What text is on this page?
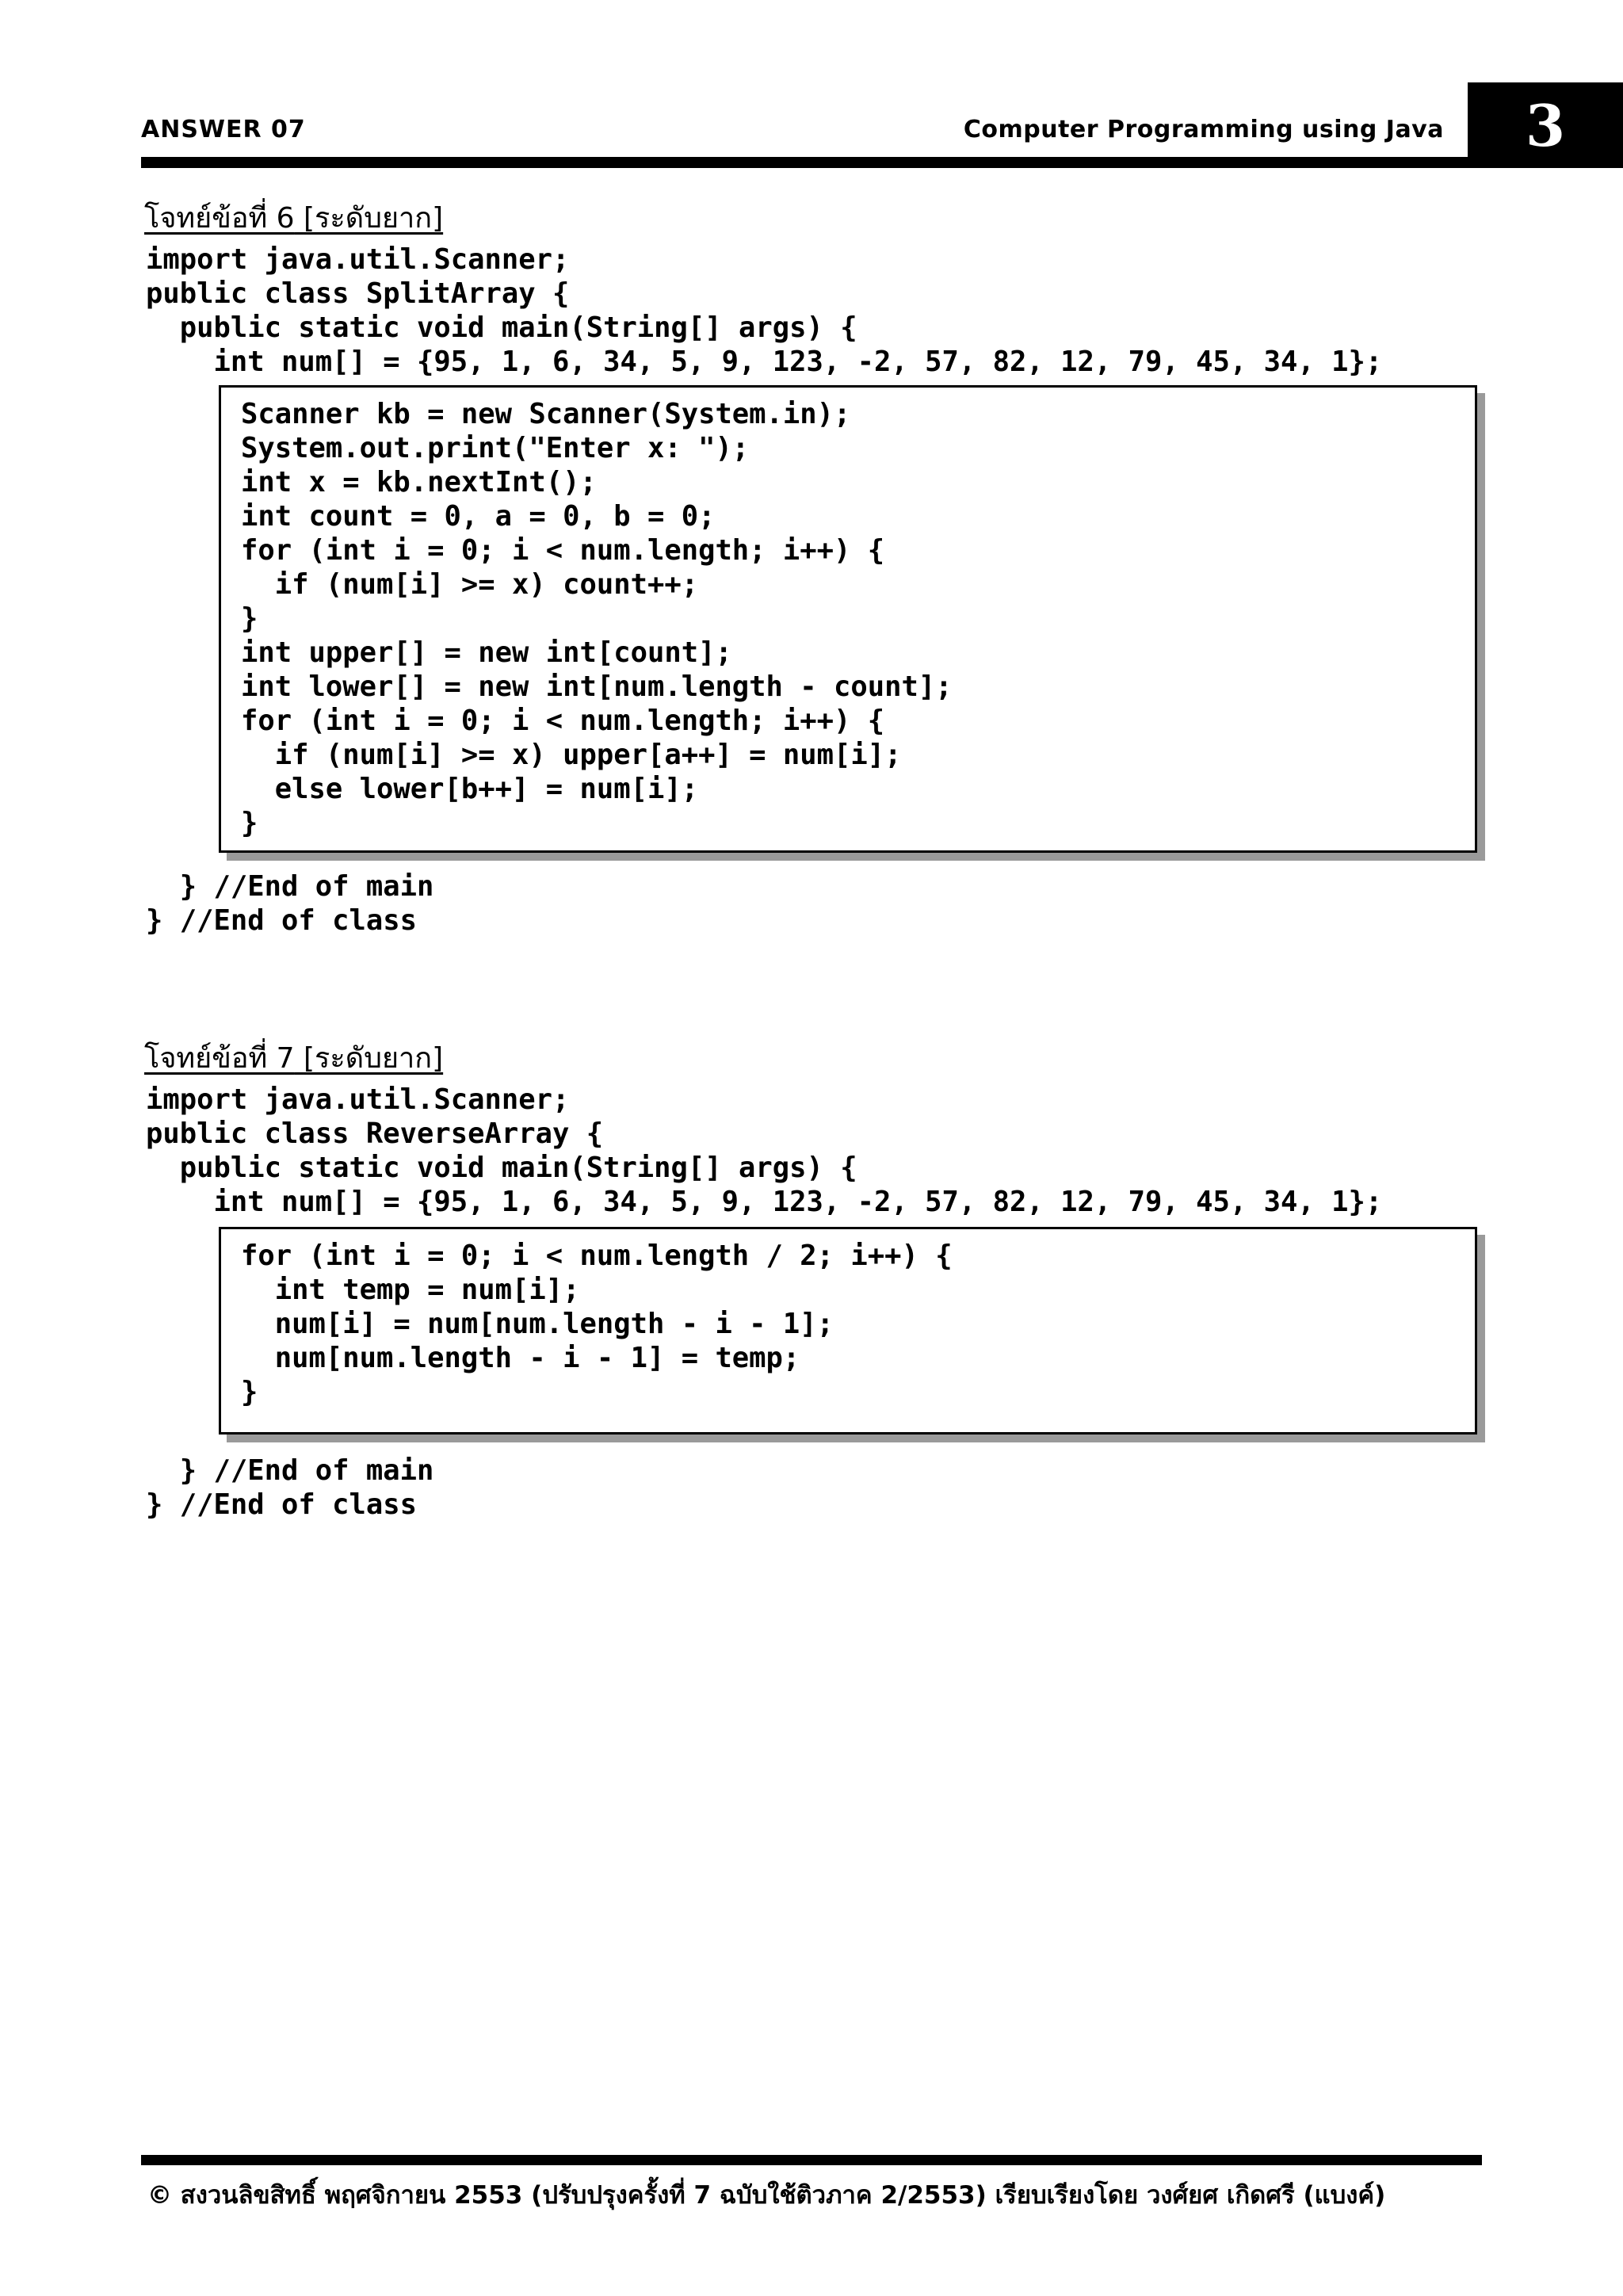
ANSWER 07	Computer Programming using Java 3
โจทย์ข้อที่ 6 [ระดับยาก]
import java.util.Scanner;
public class SplitArray {
public static void main(String[] args) {
int num[] = {95, 1, 6, 34, 5, 9, 123, -2, 57, 82, 12, 79, 45, 34, 1};
Scanner kb = new Scanner(System.in);
System.out.print("Enter x: ");
int x = kb.nextInt();
int count = 0, a = 0, b = 0;
for (int i = 0; i < num.length; i++) {
if (num[i] >= x) count++;
}
int upper[] = new int[count];
int lower[] = new int[num.length - count];
for (int i = 0; i < num.length; i++) {
if (num[i] >= x) upper[a++] = num[i];
else lower[b++] = num[i];
}
} //End of main
} //End of class
โจทย์ข้อที่ 7 [ระดับยาก]
import java.util.Scanner;
public class ReverseArray {
public static void main(String[] args) {
int num[] = {95, 1, 6, 34, 5, 9, 123, -2, 57, 82, 12, 79, 45, 34, 1};
for (int i = 0; i < num.length / 2; i++) {
int temp = num[i];
num[i] = num[num.length - i - 1];
num[num.length - i - 1] = temp;
}
} //End of main
} //End of class
© สงวนลิขสิทธิ์ พฤศจิกายน 2553 (ปรับปรุงครั้งที่ 7 ฉบับใช้ติวภาค 2/2553) เรียบเรียงโดย วงศ์ยศ เกิดศรี (แบงค์)
